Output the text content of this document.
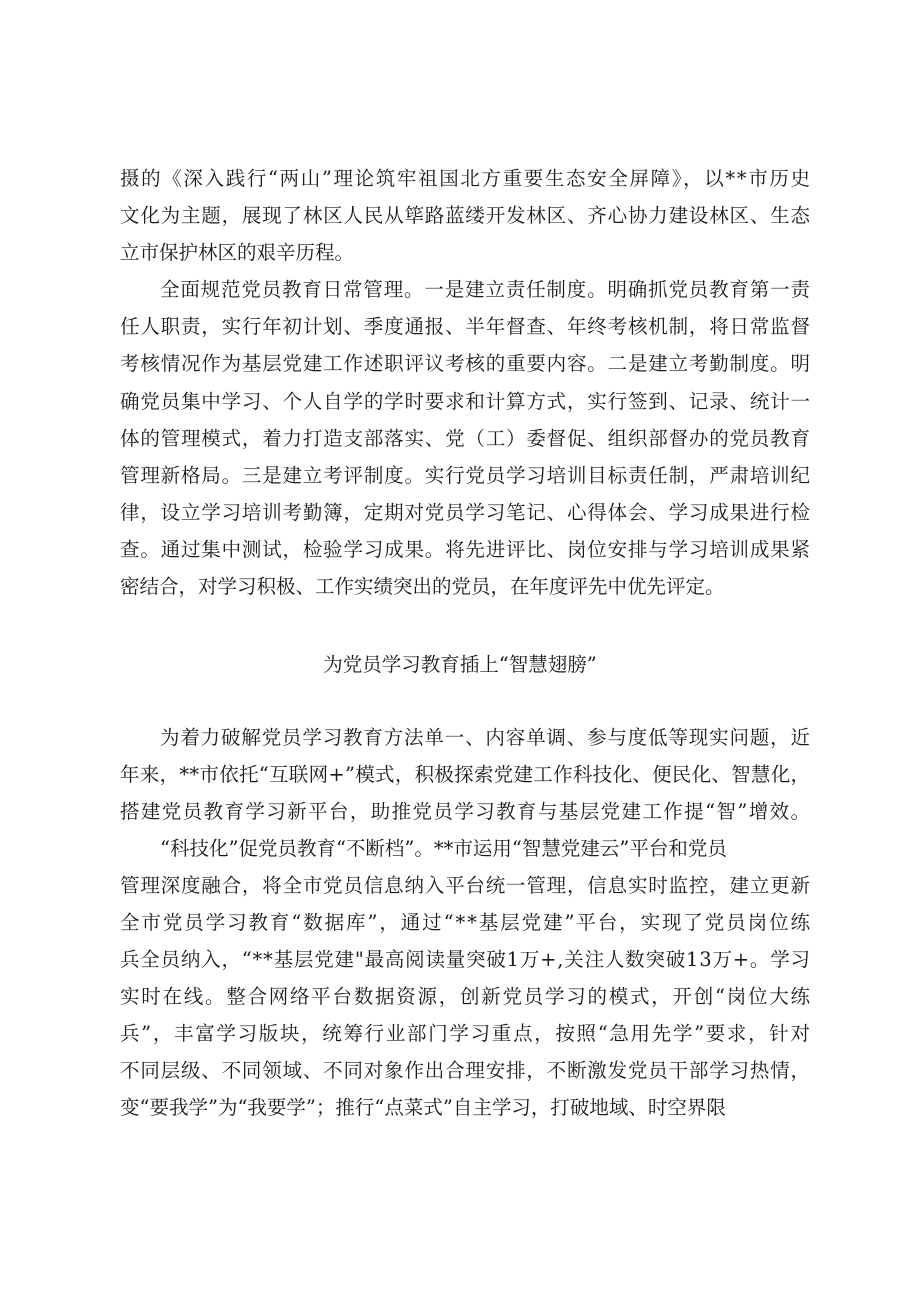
摄的《深入践行“两山”理论筑牢祖国北方重要生态安全屏障》，以**市历史
文化为主题，展现了林区人民从筚路蓝缕开发林区、齐心协力建设林区、生态
立市保护林区的艰辛历程。
全面规范党员教育日常管理。一是建立责任制度。明确抓党员教育第一责
任人职责，实行年初计划、季度通报、半年督查、年终考核机制，将日常监督
考核情况作为基层党建工作述职评议考核的重要内容。二是建立考勤制度。明
确党员集中学习、个人自学的学时要求和计算方式，实行签到、记录、统计一
体的管理模式，着力打造支部落实、党（工）委督促、组织部督办的党员教育
管理新格局。三是建立考评制度。实行党员学习培训目标责任制，严肃培训纪
律，设立学习培训考勤簿，定期对党员学习笔记、心得体会、学习成果进行检
查。通过集中测试，检验学习成果。将先进评比、岗位安排与学习培训成果紧
密结合，对学习积极、工作实绩突出的党员，在年度评先中优先评定。
为党员学习教育插上“智慧翅膀”
为着力破解党员学习教育方法单一、内容单调、参与度低等现实问题，近
年来，**市依托“互联网+”模式，积极探索党建工作科技化、便民化、智慧化，
搭建党员教育学习新平台，助推党员学习教育与基层党建工作提“智”增效。
“科技化”促党员教育“不断档”。**市运用“智慧党建云”平台和党员
管理深度融合，将全市党员信息纳入平台统一管理，信息实时监控，建立更新
全市党员学习教育“数据库”，通过“**基层党建”平台，实现了党员岗位练
兵全员纳入，“**基层党建"最高阅读量突破1万+,关注人数突破13万+。学习
实时在线。整合网络平台数据资源，创新党员学习的模式，开创“岗位大练
兵”，丰富学习版块，统筹行业部门学习重点，按照“急用先学”要求，针对
不同层级、不同领域、不同对象作出合理安排，不断激发党员干部学习热情，
变“要我学”为“我要学”；推行“点菜式”自主学习，打破地域、时空界限
